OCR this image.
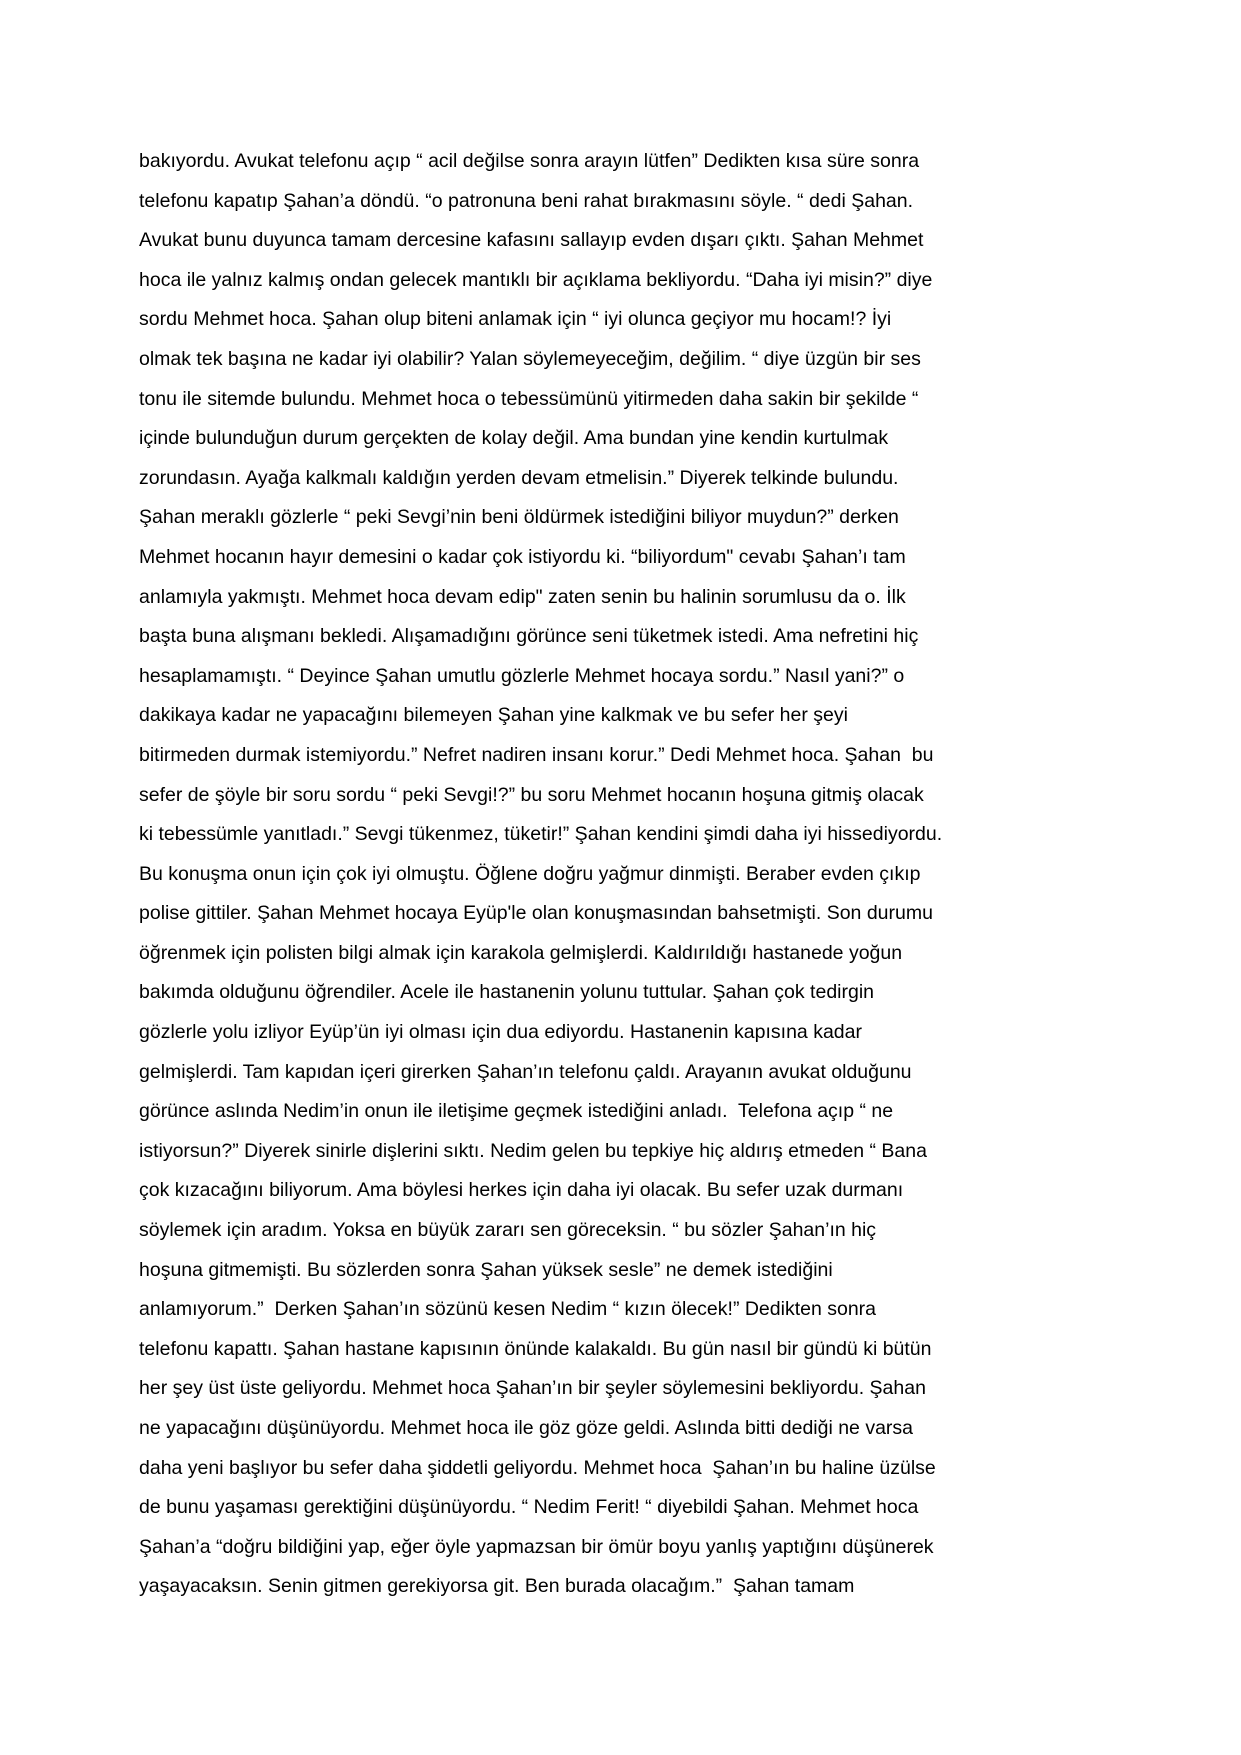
bakıyordu. Avukat telefonu açıp “ acil değilse sonra arayın lütfen” Dedikten kısa süre sonra
telefonu kapatıp Şahan’a döndü. “o patronuna beni rahat bırakmasını söyle. “ dedi Şahan.
Avukat bunu duyunca tamam dercesine kafasını sallayıp evden dışarı çıktı. Şahan Mehmet
hoca ile yalnız kalmış ondan gelecek mantıklı bir açıklama bekliyordu. “Daha iyi misin?” diye
sordu Mehmet hoca. Şahan olup biteni anlamak için “ iyi olunca geçiyor mu hocam!? İyi
olmak tek başına ne kadar iyi olabilir? Yalan söylemeyeceğim, değilim. “ diye üzgün bir ses
tonu ile sitemde bulundu. Mehmet hoca o tebessümünü yitirmeden daha sakin bir şekilde “
içinde bulunduğun durum gerçekten de kolay değil. Ama bundan yine kendin kurtulmak
zorundasın. Ayağa kalkmalı kaldığın yerden devam etmelisin.” Diyerek telkinde bulundu.
Şahan meraklı gözlerle “ peki Sevgi’nin beni öldürmek istediğini biliyor muydun?” derken
Mehmet hocanın hayır demesini o kadar çok istiyordu ki. “biliyordum" cevabı Şahan’ı tam
anlamıyla yakmıştı. Mehmet hoca devam edip" zaten senin bu halinin sorumlusu da o. İlk
başta buna alışmanı bekledi. Alışamadığını görünce seni tüketmek istedi. Ama nefretini hiç
hesaplamamıştı. “ Deyince Şahan umutlu gözlerle Mehmet hocaya sordu.” Nasıl yani?” o
dakikaya kadar ne yapacağını bilemeyen Şahan yine kalkmak ve bu sefer her şeyi
bitirmeden durmak istemiyordu.” Nefret nadiren insanı korur.” Dedi Mehmet hoca. Şahan  bu
sefer de şöyle bir soru sordu “ peki Sevgi!?” bu soru Mehmet hocanın hoşuna gitmiş olacak
ki tebessümle yanıtladı.” Sevgi tükenmez, tüketir!” Şahan kendini şimdi daha iyi hissediyordu.
Bu konuşma onun için çok iyi olmuştu. Öğlene doğru yağmur dinmişti. Beraber evden çıkıp
polise gittiler. Şahan Mehmet hocaya Eyüp'le olan konuşmasından bahsetmişti. Son durumu
öğrenmek için polisten bilgi almak için karakola gelmişlerdi. Kaldırıldığı hastanede yoğun
bakımda olduğunu öğrendiler. Acele ile hastanenin yolunu tuttular. Şahan çok tedirgin
gözlerle yolu izliyor Eyüp’ün iyi olması için dua ediyordu. Hastanenin kapısına kadar
gelmişlerdi. Tam kapıdan içeri girerken Şahan’ın telefonu çaldı. Arayanın avukat olduğunu
görünce aslında Nedim’in onun ile iletişime geçmek istediğini anladı.  Telefona açıp “ ne
istiyorsun?” Diyerek sinirle dişlerini sıktı. Nedim gelen bu tepkiye hiç aldırış etmeden “ Bana
çok kızacağını biliyorum. Ama böylesi herkes için daha iyi olacak. Bu sefer uzak durmanı
söylemek için aradım. Yoksa en büyük zararı sen göreceksin. “ bu sözler Şahan’ın hiç
hoşuna gitmemişti. Bu sözlerden sonra Şahan yüksek sesle” ne demek istediğini
anlamıyorum.”  Derken Şahan’ın sözünü kesen Nedim “ kızın ölecek!” Dedikten sonra
telefonu kapattı. Şahan hastane kapısının önünde kalakaldı. Bu gün nasıl bir gündü ki bütün
her şey üst üste geliyordu. Mehmet hoca Şahan’ın bir şeyler söylemesini bekliyordu. Şahan
ne yapacağını düşünüyordu. Mehmet hoca ile göz göze geldi. Aslında bitti dediği ne varsa
daha yeni başlıyor bu sefer daha şiddetli geliyordu. Mehmet hoca  Şahan’ın bu haline üzülse
de bunu yaşaması gerektiğini düşünüyordu. “ Nedim Ferit! “ diyebildi Şahan. Mehmet hoca
Şahan’a “doğru bildiğini yap, eğer öyle yapmazsan bir ömür boyu yanlış yaptığını düşünerek
yaşayacaksın. Senin gitmen gerekiyorsa git. Ben burada olacağım.”  Şahan tamam
